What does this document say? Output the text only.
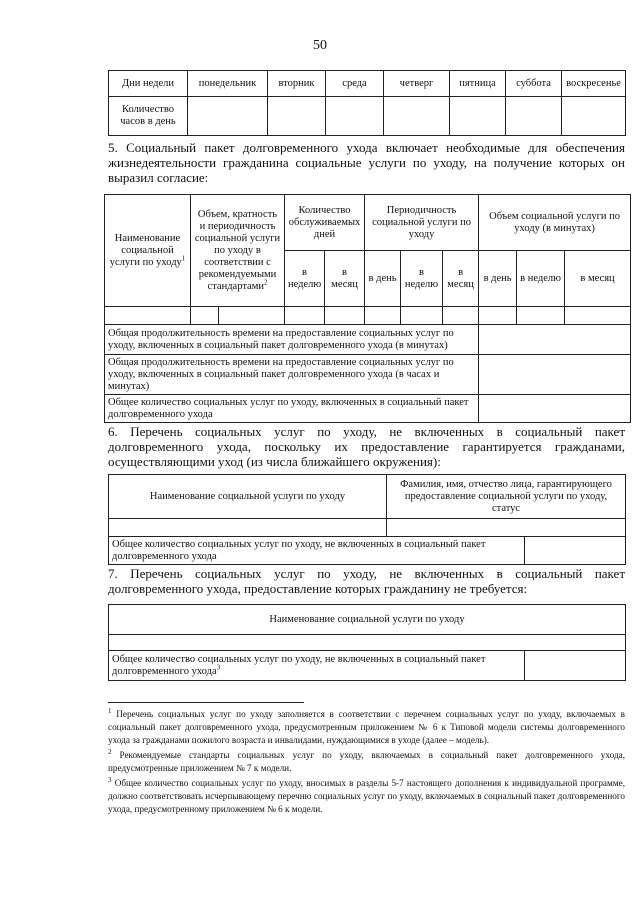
50
Дни недели	понедельник	вторник	среда	четверг	пятница	суббота	воскресенье
Количество часов в день							
5. Социальный пакет долговременного ухода включает необходимые для обеспечения жизнедеятельности гражданина социальные услуги по уходу, на получение которых он выразил согласие:
Наименование социальной услуги по уходу$^1$	Объем, кратность и периодичность социальной услуги по уходу в соответствии с рекомендуемыми стандартами$^2$		Количество обслуживаемых дней		Периодичность социальной услуги по уходу			Объем социальной услуги по уходу (в минутах)		
			в неделю	в месяц	в день	в неделю	в месяц	в день	в неделю	в месяц

Общая продолжительность времени на предоставление социальных услуг по уходу, включенных в социальный пакет долговременного ухода (в минутах)										
Общая продолжительность времени на предоставление социальных услуг по уходу, включенных в социальный пакет долговременного ухода (в часах и минутах)										
Общее количество социальных услуг по уходу, включенных в социальный пакет долговременного ухода										
6. Перечень социальных услуг по уходу, не включенных в социальный пакет долговременного ухода, поскольку их предоставление гарантируется гражданами, осуществляющими уход (из числа ближайшего окружения):
Наименование социальной услуги по уходу	Фамилия, имя, отчество лица, гарантирующего предоставление социальной услуги по уходу, статус	

Общее количество социальных услуг по уходу, не включенных в социальный пакет долговременного ухода		
7. Перечень социальных услуг по уходу, не включенных в социальный пакет долговременного ухода, предоставление которых гражданину не требуется:
Наименование социальной услуги по уходу

Общее количество социальных услуг по уходу, не включенных в социальный пакет долговременного ухода$^3$	
$^1$ Перечень социальных услуг по уходу заполняется в соответствии с перечнем социальных услуг по уходу, включаемых в социальный пакет долговременного ухода, предусмотренным приложением № 6 к Типовой модели системы долговременного ухода за гражданами пожилого возраста и инвалидами, нуждающимися в уходе (далее – модель).
$^2$ Рекомендуемые стандарты социальных услуг по уходу, включаемых в социальный пакет долговременного ухода, предусмотренные приложением № 7 к модели.
$^3$ Общее количество социальных услуг по уходу, вносимых в разделы 5-7 настоящего дополнения к индивидуальной программе, должно соответствовать исчерпывающему перечню социальных услуг по уходу, включаемых в социальный пакет долговременного ухода, предусмотренному приложением № 6 к модели.
